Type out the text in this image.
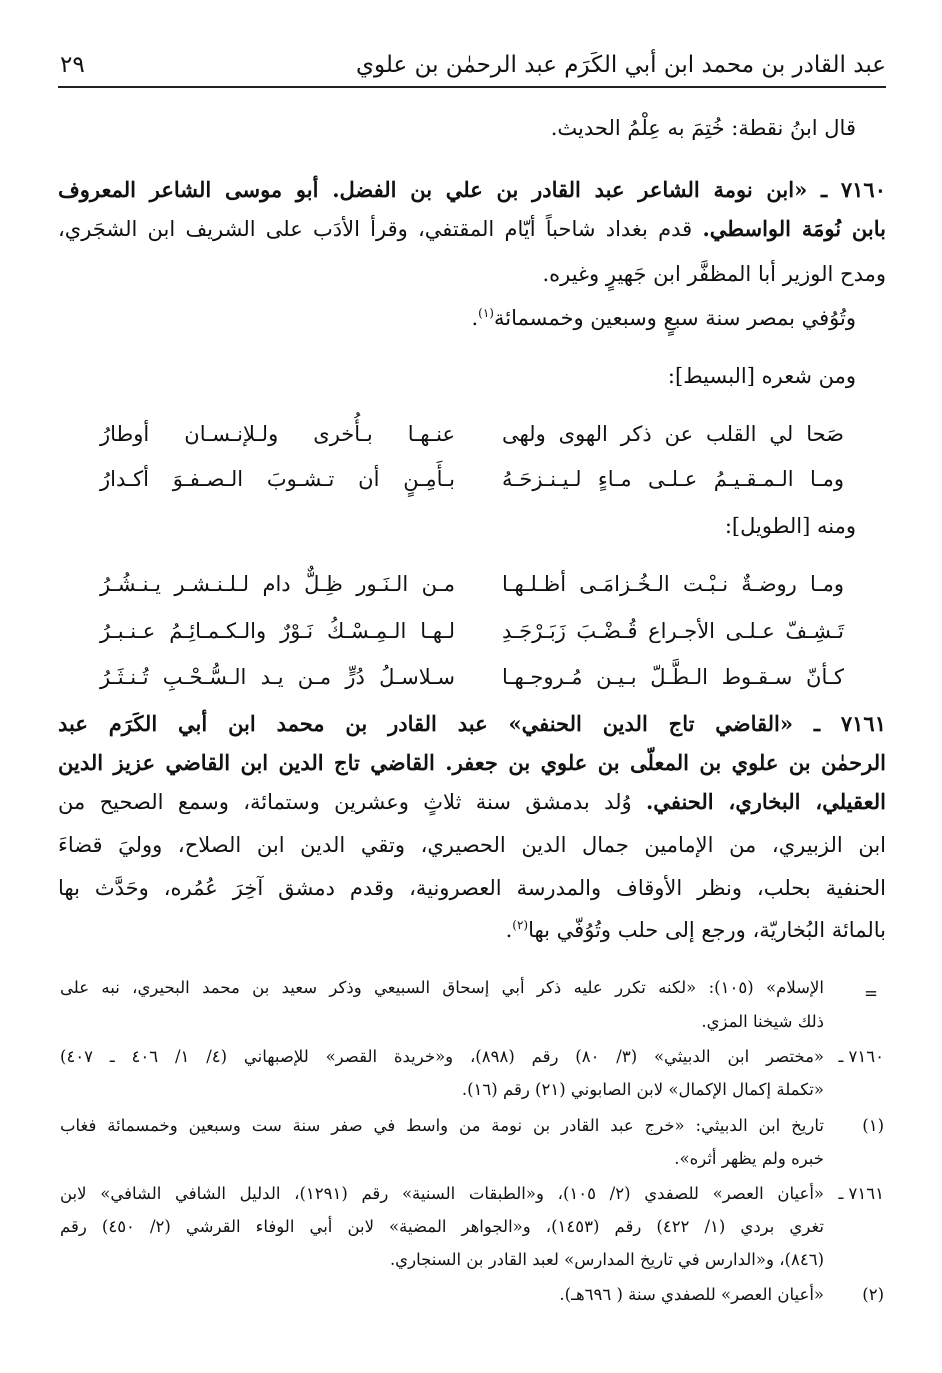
عبد القادر بن محمد ابن أبي الكَرَم عبد الرحمٰن بن علوي
٢٩
قال ابنُ نقطة: خُتِمَ به عِلْمُ الحديث.
٧١٦٠ ـ «ابن نومة الشاعر عبد القادر بن علي بن الفضل. أبو موسى الشاعر المعروف
بابن نُومَة الواسطي. قدم بغداد شاحباً أيّام المقتفي، وقرأ الأدَب على الشريف ابن الشجَري،
ومدح الوزير أبا المظفَّر ابن جَهيرٍ وغيره.
وتُوُفي بمصر سنة سبعٍ وسبعين وخمسمائة$^{(١)}$.
ومن شعره [البسيط]:
صَحا لي القلب عن ذكر الهوى ولهى
عنـهـا بـأُخرى ولـلإنـسـان أوطارُ
ومـا الـمـقـيـمُ عـلـى مـاءٍ لـيـنـزحَـهُ
بـأَمِـنٍ أن تـشـوبَ الـصـفـوَ أكـدارُ
ومنه [الطويل]:
ومـا روضـةٌ نـبْـت الـخُـزامَـى أظـلـهـا
مـن الـنَـور ظِـلٌّ دام لـلـنـشـر يـنـشُـرُ
تَـشِـفّ عـلـى الأجـراع قُـضْـبَ زَبَـرْجَـدِ
لـهـا الـمِـسْـكُ نَـوْرٌ والـكـمـائِـمُ عـنـبـرُ
كـأنّ سـقـوط الـطَّـلّ بـيـن مُـروجـهـا
سـلاسـلُ دُرٍّ مـن يـد الـسُّـحْـبِ تُـنـثَـرُ
٧١٦١ ـ «القاضي تاج الدين الحنفي» عبد القادر بن محمد ابن أبي الكَرَم عبد
الرحمٰن بن علوي بن المعلّى بن علوي بن جعفر. القاضي تاج الدين ابن القاضي عزيز الدين
العقيلي، البخاري، الحنفي. وُلد بدمشق سنة ثلاثٍ وعشرين وستمائة، وسمع الصحيح من
ابن الزبيري، من الإمامين جمال الدين الحصيري، وتقي الدين ابن الصلاح، ووليَ قضاءَ
الحنفية بحلب، ونظر الأوقاف والمدرسة العصرونية، وقدم دمشق آخِرَ عُمُره، وحَدَّث بها
بالمائة البُخاريّة، ورجع إلى حلب وتُوُفّي بها$^{(٢)}$.
=
الإسلام» (١٠٥): «لكنه تكرر عليه ذكر أبي إسحاق السبيعي وذكر سعيد بن محمد البحيري، نبه على
ذلك شيخنا المزي.
٧١٦٠ ـ
«مختصر ابن الدبيثي» (٣/ ٨٠) رقم (٨٩٨)، و«خريدة القصر» للإصبهاني (٤/ ١/ ٤٠٦ ـ ٤٠٧)
«تكملة إكمال الإكمال» لابن الصابوني (٢١) رقم (١٦).
(١)
تاريخ ابن الدبيثي: «خرج عبد القادر بن نومة من واسط في صفر سنة ست وسبعين وخمسمائة فغاب
خبره ولم يظهر أثره».
٧١٦١ ـ
«أعيان العصر» للصفدي (٢/ ١٠٥)، و«الطبقات السنية» رقم (١٢٩١)، الدليل الشافي الشافي» لابن
تغري بردي (١/ ٤٢٢) رقم (١٤٥٣)، و«الجواهر المضية» لابن أبي الوفاء القرشي (٢/ ٤٥٠) رقم
(٨٤٦)، و«الدارس في تاريخ المدارس» لعبد القادر بن السنجاري.
(٢)
«أعيان العصر» للصفدي سنة ( ٦٩٦هـ).
